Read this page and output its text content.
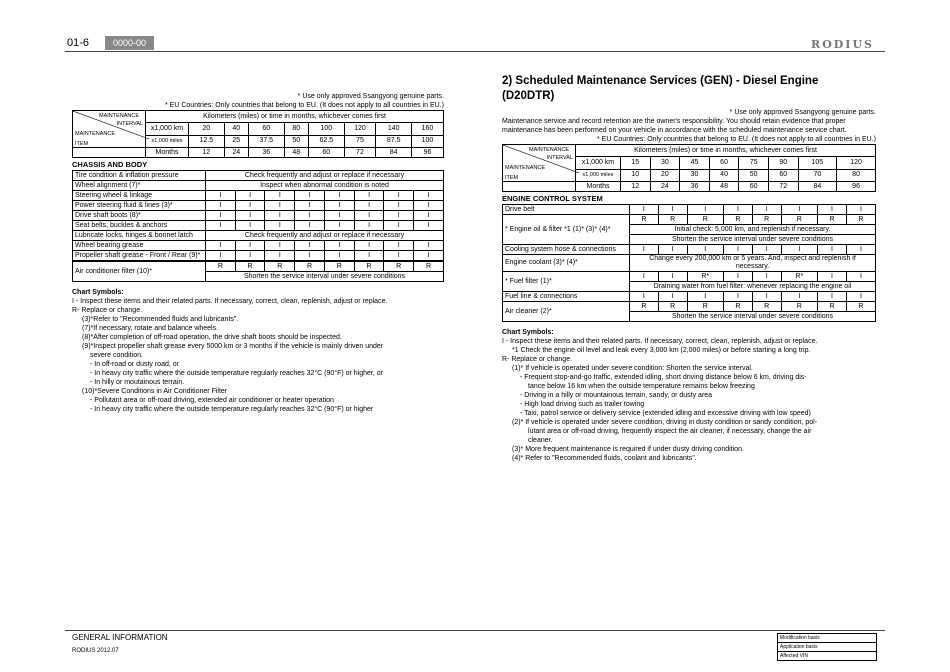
01-6	0000-00	RODIUS
* Use only approved Ssangyong genuine parts.
* EU Countries: Only countries that belong to EU. (It does not apply to all countries in EU.)
MAINTENANCE
INTERVAL
MAINTENANCE
ITEM	Kilometers (miles) or time in months, whichever comes first								
	x1,000 km	20	40	60	80	100	120	140	160
	x1,000 miles	12.5	25	37.5	50	62.5	75	87.5	100
	Months	12	24	36	48	60	72	84	96
CHASSIS AND BODY
Tire condition & inflation pressure	Check frequently and adjust or replace if necessary							
Wheel alignment (7)*	Inspect when abnormal condition is noted							
Steering wheel & linkage	I	I	I	I	I	I	I	I
Power steering fluid & lines (3)*	I	I	I	I	I	I	I	I
Drive shaft boots (8)*	I	I	I	I	I	I	I	I
Seat belts, buckles & anchors	I	I	I	I	I	I	I	I
Lubricate locks, hinges & bonnet latch	Check frequently and adjust or replace if necessary							
Wheel bearing grease	I	I	I	I	I	I	I	I
Propeller shaft grease - Front / Rear (9)*	I	I	I	I	I	I	I	I
Air conditioner filter (10)*	R	R	R	R	R	R	R	R
Shorten the service interval under severe conditions
Chart Symbols:

I - Inspect these items and their related parts. If necessary, correct, clean, replenish, adjust or replace.

R- Replace or change.

(3)*Refer to "Recommended fluids and lubricants".

(7)*If necessary, rotate and balance wheels.

(8)*After completion of off-road operation, the drive shaft boots should be inspected.

(9)*Inspect propeller shaft grease every 5000 km or 3 months if the vehicle is mainly driven under

severe condition.

- In off-road or dusty road, or

- In heavy city traffic where the outside temperature regularly reaches 32°C (90°F) or higher, or

- In hilly or moutainous terrain.

(10)*Severe Conditions in Air Conditioner Filter

- Pollutant area or off-road driving, extended air conditioner or heater operation

- In heavy city traffic where the outside temperature regularly reaches 32°C (90°F) or higher

2) Scheduled Maintenance Services (GEN) - Diesel Engine
(D20DTR)
* Use only approved Ssangyong genuine parts.
Maintenance service and record retention are the owner's responsibility. You should retain evidence that proper maintenance has been performed on your vehicle in accordance with the scheduled maintenance service chart.
* EU Countries: Only countries that belong to EU. (It does not apply to all countries in EU.)
MAINTENANCE
INTERVAL
MAINTENANCE
ITEM	Kilometers (miles) or time in months, whichever comes first								
	x1,000 km	15	30	45	60	75	90	105	120
	x1,000 miles	10	20	30	40	50	60	70	80
	Months	12	24	36	48	60	72	84	96
ENGINE CONTROL SYSTEM
Drive belt	I	I	I	I	I	I	I	I
* Engine oil & filter *1 (1)* (3)* (4)*	R	R	R	R	R	R	R	R
	Initial check: 5,000 km, and replenish if necessary.							
	Shorten the service interval under severe conditions							
Cooling system hose & connections	I	I	I	I	I	I	I	I
Engine coolant (3)* (4)*	Change every 200,000 km or 5 years. And, inspect and replenish if necessary.							
* Fuel filter (1)*	I	I	R*	I	I	R*	I	I
	Draining water from fuel filter: whenever replacing the engine oil							
Fuel line & connections	I	I	I	I	I	I	I	I
Air cleaner (2)*	R	R	R	R	R	R	R	R
	Shorten the service interval under severe conditions							
Chart Symbols:

I - Inspect these items and their related parts. If necessary, correct, clean, replenish, adjust or replace.

*1 Check the engine oil level and leak every 3,000 km (2,000 miles) or before starting a long trip.

R- Replace or change.

(1)* If vehicle is operated under severe condition: Shorten the service interval.

- Frequent stop-and-go traffic, extended idling, short driving distance below 6 km, driving dis-

tance below 16 km when the outside temperature remains below freezing

- Driving in a hilly or mountainous terrain, sandy, or dusty area

- High load driving such as trailer towing

- Taxi, patrol service or delivery service (extended idling and excessive driving with low speed)

(2)* If vehicle is operated under severe condition, driving in dusty condition or sandy condition, pol-

lutant area or off-road driving, frequently inspect the air cleaner, if necessary, change the air

cleaner.

(3)* More frequent maintenance is required if under dusty driving condition.

(4)* Refer to "Recommended fluids, coolant and lubricants".

GENERAL INFORMATION
RODIUS 2012.07
Modification basis
Application basis
Affected VIN
